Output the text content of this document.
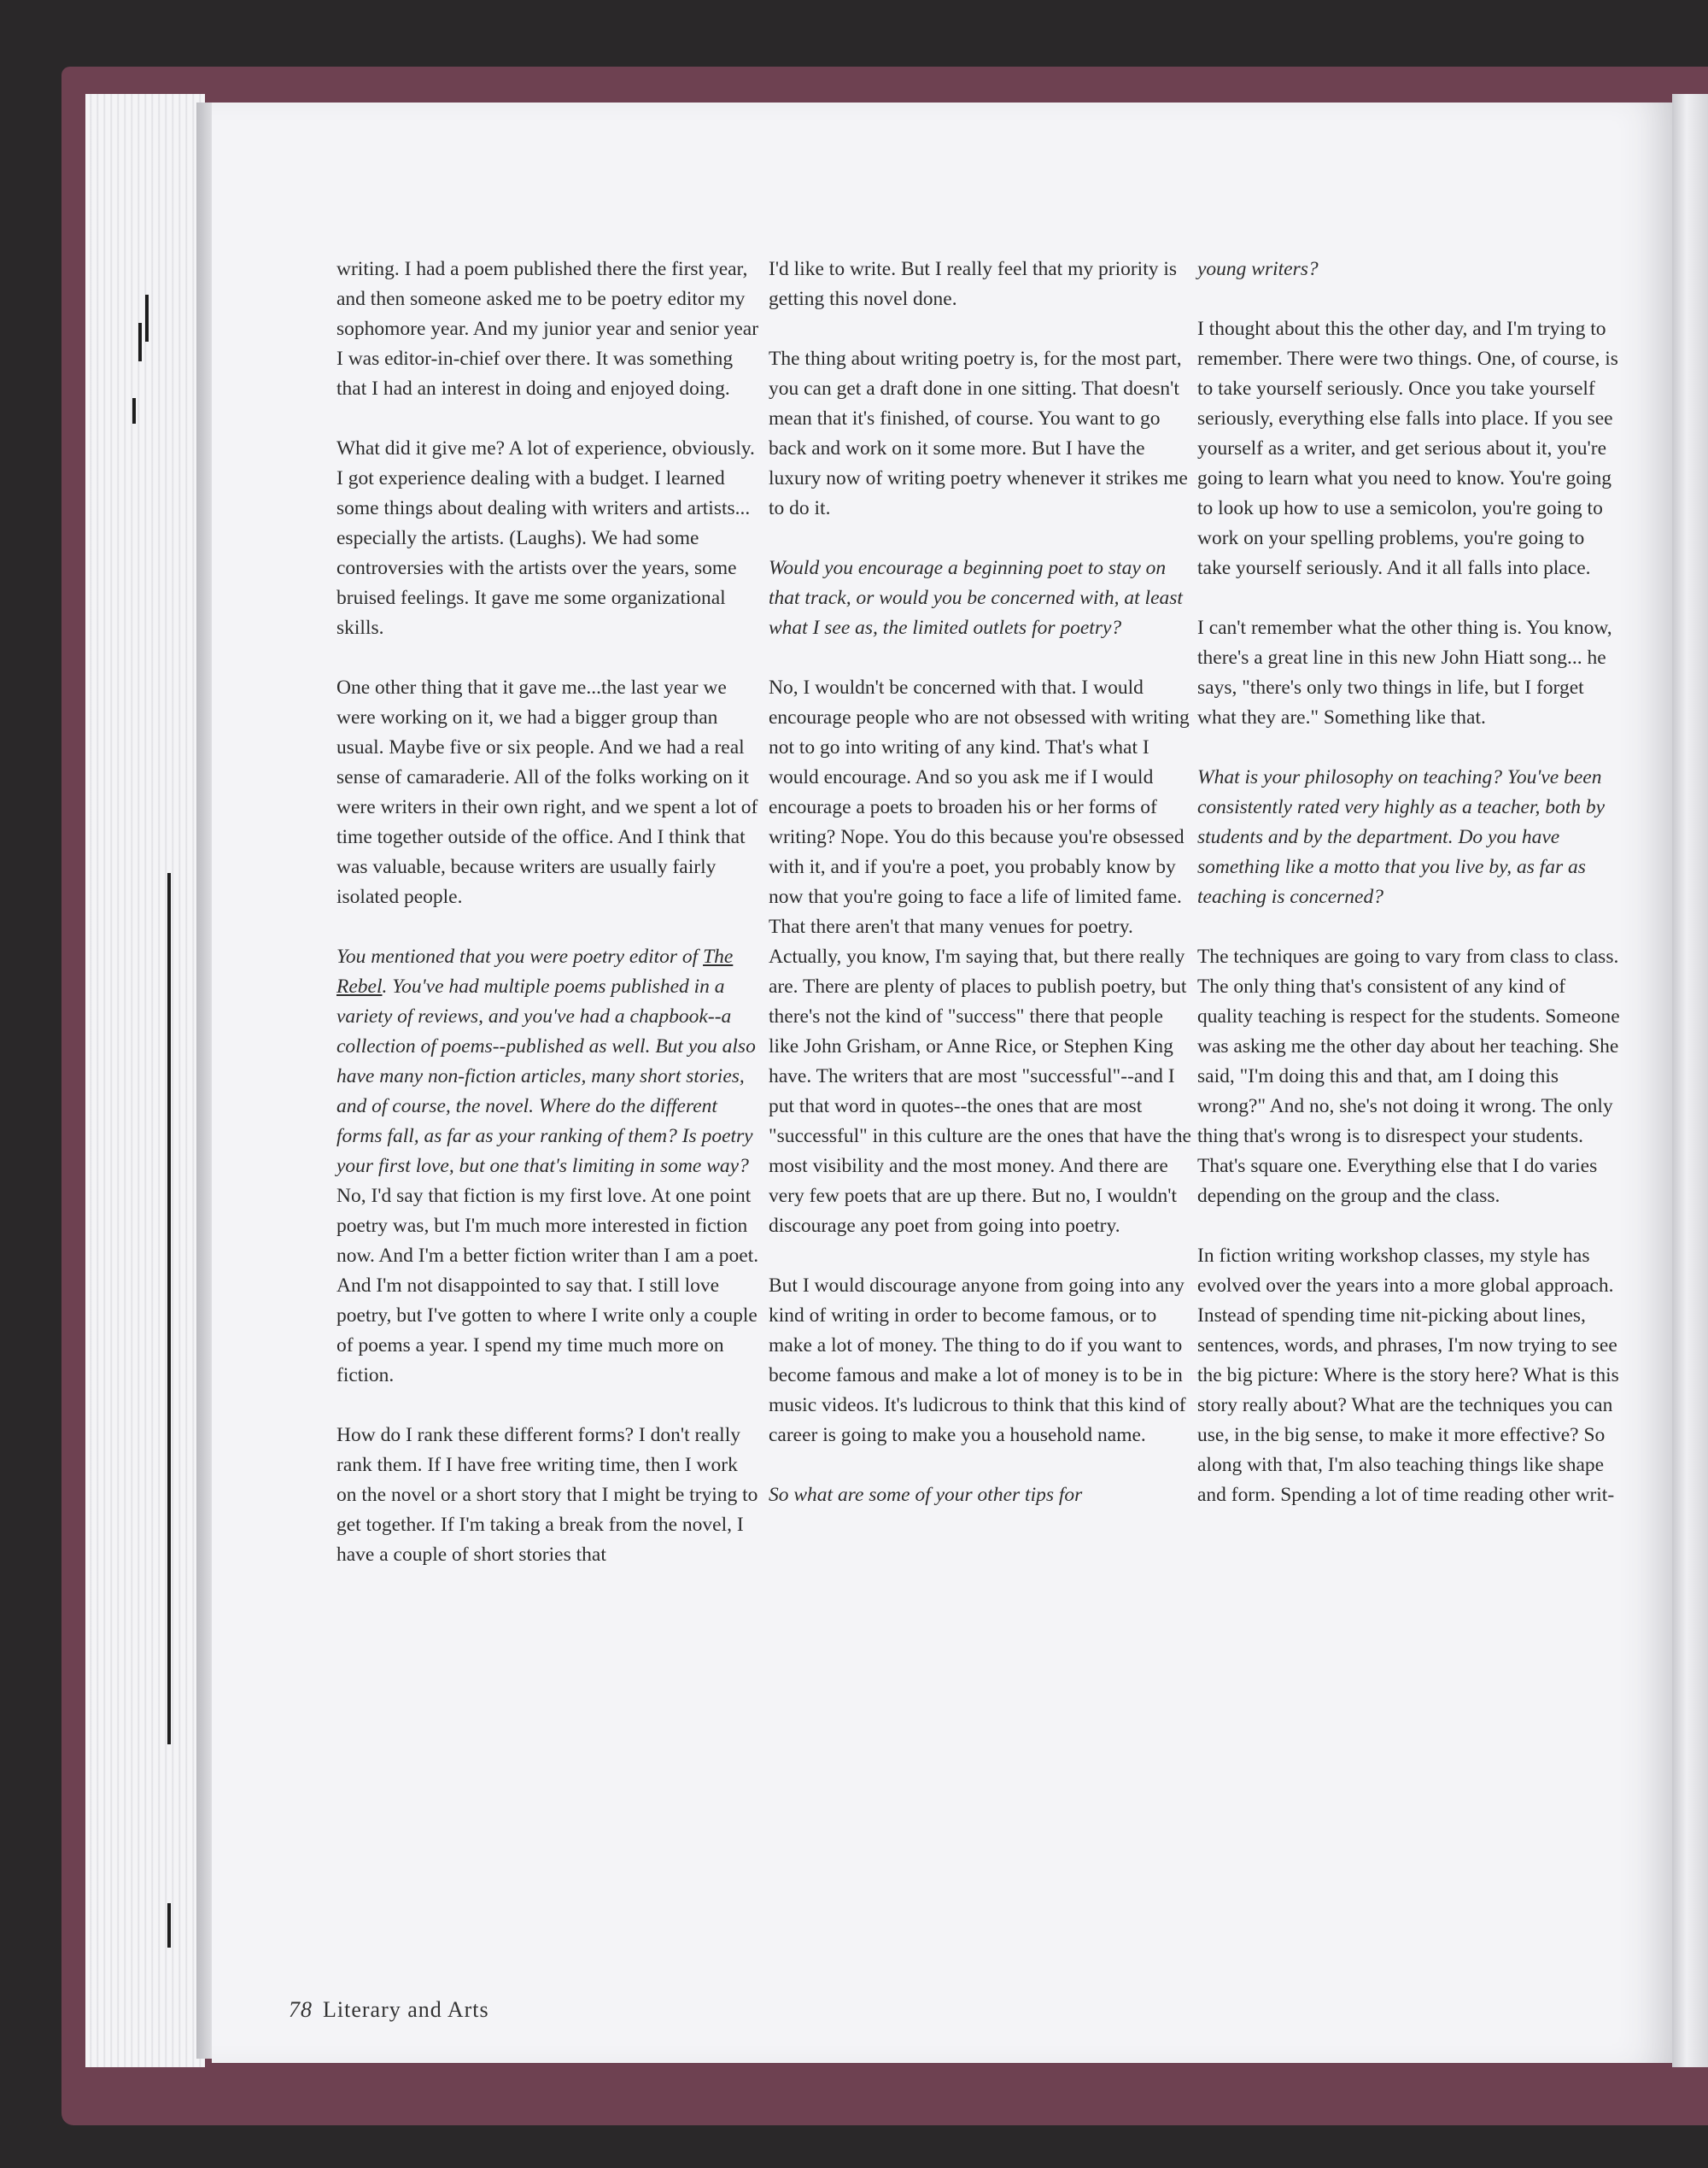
writing. I had a poem published there the first year, and then someone asked me to be poetry editor my sophomore year. And my junior year and senior year I was editor-in-chief over there. It was something that I had an interest in doing and enjoyed doing.

What did it give me? A lot of experience, obviously. I got experience dealing with a budget. I learned some things about dealing with writers and artists... especially the artists. (Laughs). We had some controversies with the artists over the years, some bruised feelings. It gave me some organizational skills.

One other thing that it gave me...the last year we were working on it, we had a bigger group than usual. Maybe five or six people. And we had a real sense of camaraderie. All of the folks working on it were writers in their own right, and we spent a lot of time together outside of the office. And I think that was valuable, because writers are usually fairly isolated people.

You mentioned that you were poetry editor of The Rebel. You've had multiple poems published in a variety of reviews, and you've had a chapbook--a collection of poems--published as well. But you also have many non-fiction articles, many short stories, and of course, the novel. Where do the different forms fall, as far as your ranking of them? Is poetry your first love, but one that's limiting in some way?

No, I'd say that fiction is my first love. At one point poetry was, but I'm much more interested in fiction now. And I'm a better fiction writer than I am a poet. And I'm not disappointed to say that. I still love poetry, but I've gotten to where I write only a couple of poems a year. I spend my time much more on fiction.

How do I rank these different forms? I don't really rank them. If I have free writing time, then I work on the novel or a short story that I might be trying to get together. If I'm taking a break from the novel, I have a couple of short stories that

I'd like to write. But I really feel that my priority is getting this novel done.

The thing about writing poetry is, for the most part, you can get a draft done in one sitting. That doesn't mean that it's finished, of course. You want to go back and work on it some more. But I have the luxury now of writing poetry whenever it strikes me to do it.

Would you encourage a beginning poet to stay on that track, or would you be concerned with, at least what I see as, the limited outlets for poetry?

No, I wouldn't be concerned with that. I would encourage people who are not obsessed with writing not to go into writing of any kind. That's what I would encourage. And so you ask me if I would encourage a poets to broaden his or her forms of writing? Nope. You do this because you're obsessed with it, and if you're a poet, you probably know by now that you're going to face a life of limited fame. That there aren't that many venues for poetry. Actually, you know, I'm saying that, but there really are. There are plenty of places to publish poetry, but there's not the kind of "success" there that people like John Grisham, or Anne Rice, or Stephen King have. The writers that are most "successful"--and I put that word in quotes--the ones that are most "successful" in this culture are the ones that have the most visibility and the most money. And there are very few poets that are up there. But no, I wouldn't discourage any poet from going into poetry.

But I would discourage anyone from going into any kind of writing in order to become famous, or to make a lot of money. The thing to do if you want to become famous and make a lot of money is to be in music videos. It's ludicrous to think that this kind of career is going to make you a household name.

So what are some of your other tips for

young writers?

I thought about this the other day, and I'm trying to remember. There were two things. One, of course, is to take yourself seriously. Once you take yourself seriously, everything else falls into place. If you see yourself as a writer, and get serious about it, you're going to learn what you need to know. You're going to look up how to use a semicolon, you're going to work on your spelling problems, you're going to take yourself seriously. And it all falls into place.

I can't remember what the other thing is. You know, there's a great line in this new John Hiatt song... he says, "there's only two things in life, but I forget what they are." Something like that.

What is your philosophy on teaching? You've been consistently rated very highly as a teacher, both by students and by the department. Do you have something like a motto that you live by, as far as teaching is concerned?

The techniques are going to vary from class to class. The only thing that's consistent of any kind of quality teaching is respect for the students. Someone was asking me the other day about her teaching. She said, "I'm doing this and that, am I doing this wrong?" And no, she's not doing it wrong. The only thing that's wrong is to disrespect your students. That's square one. Everything else that I do varies depending on the group and the class.

In fiction writing workshop classes, my style has evolved over the years into a more global approach. Instead of spending time nit-picking about lines, sentences, words, and phrases, I'm now trying to see the big picture: Where is the story here? What is this story really about? What are the techniques you can use, in the big sense, to make it more effective? So along with that, I'm also teaching things like shape and form. Spending a lot of time reading other writ-

78 Literary and Arts
